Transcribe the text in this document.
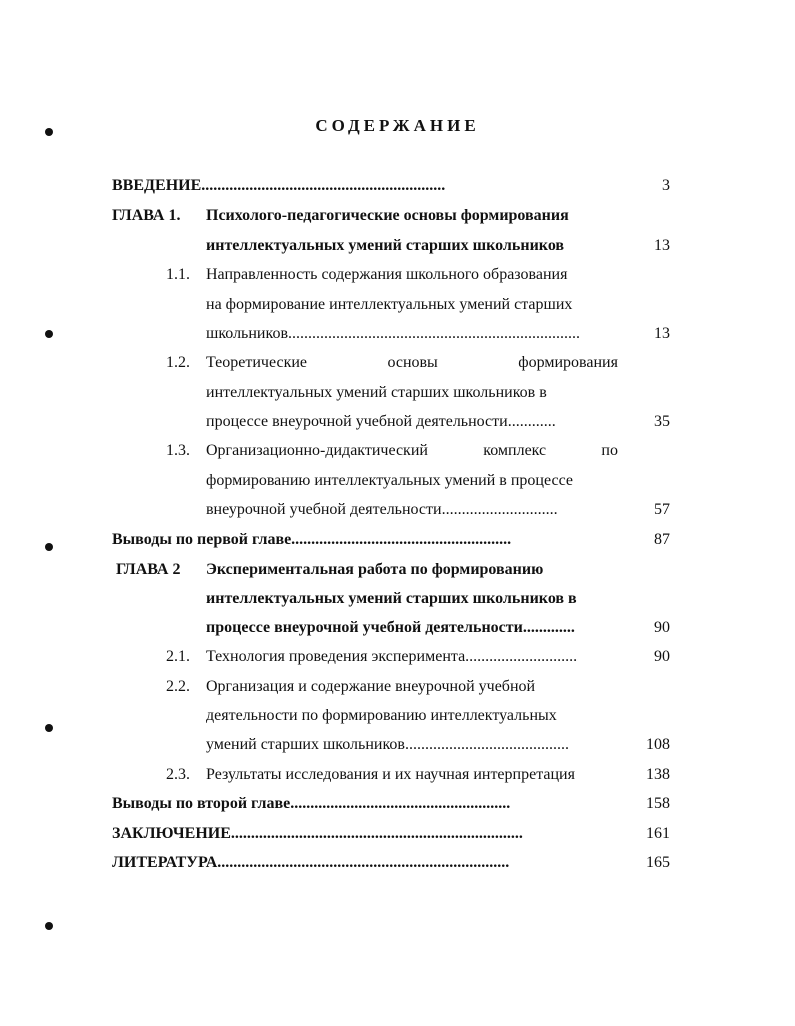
СОДЕРЖАНИЕ
ВВЕДЕНИЕ.............................................................	3
ГЛАВА 1. Психолого-педагогические основы формирования
интеллектуальных умений старших школьников	13
1.1. Направленность содержания школьного образования
на формирование интеллектуальных умений старших
школьников.........................................................................	13
1.2. Теоретические	основы	формирования
интеллектуальных умений старших школьников в
процессе внеурочной учебной деятельности............	35
1.3. Организационно-дидактический	комплекс	по
формированию интеллектуальных умений в процессе
внеурочной учебной деятельности.............................	57
Выводы по первой главе.......................................................	87
ГЛАВА 2 Экспериментальная работа по формированию
интеллектуальных умений старших школьников в
процессе внеурочной учебной деятельности.............	90
2.1. Технология проведения эксперимента............................	90
2.2. Организация и содержание внеурочной учебной
деятельности по формированию интеллектуальных
умений старших школьников.........................................	108
2.3. Результаты исследования и их научная интерпретация	138
Выводы по второй главе.......................................................	158
ЗАКЛЮЧЕНИЕ.........................................................................	161
ЛИТЕРАТУРА.........................................................................	165
